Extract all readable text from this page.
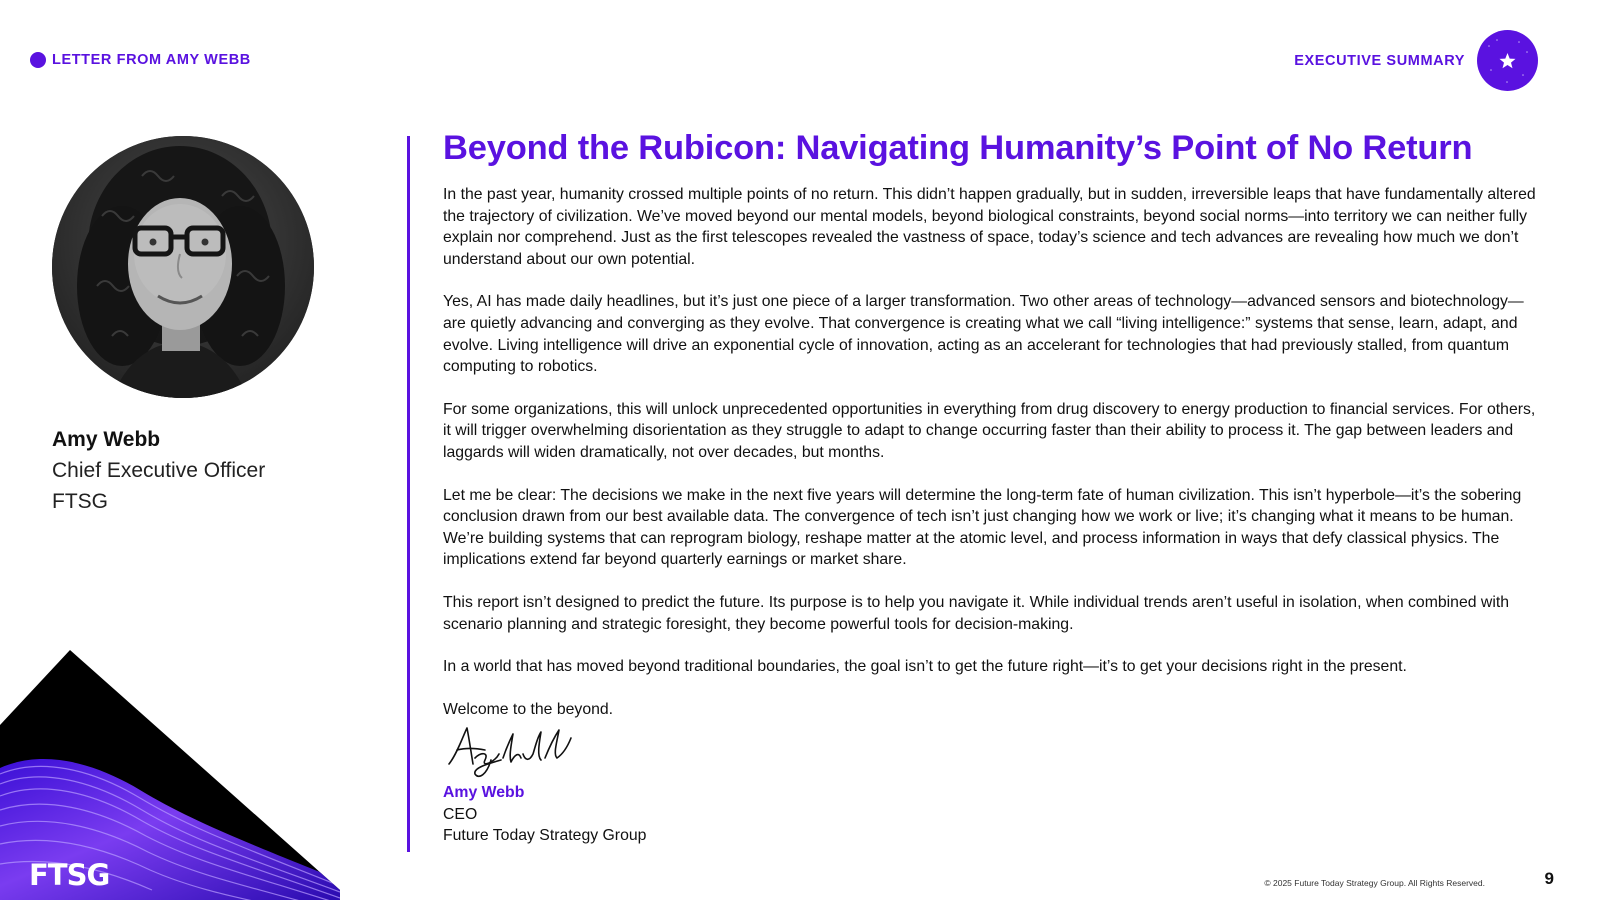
LETTER FROM AMY WEBB	EXECUTIVE SUMMARY
Amy Webb
Chief Executive Officer
FTSG
Beyond the Rubicon: Navigating Humanity’s Point of No Return

In the past year, humanity crossed multiple points of no return. This didn’t happen gradually, but in sudden, irreversible leaps that have fundamentally altered the trajectory of civilization. We’ve moved beyond our mental models, beyond biological constraints, beyond social norms—into territory we can neither fully explain nor comprehend. Just as the first telescopes revealed the vastness of space, today’s science and tech advances are revealing how much we don’t understand about our own potential.

Yes, AI has made daily headlines, but it’s just one piece of a larger transformation. Two other areas of technology—advanced sensors and biotechnology—are quietly advancing and converging as they evolve. That convergence is creating what we call “living intelligence:” systems that sense, learn, adapt, and evolve. Living intelligence will drive an exponential cycle of innovation, acting as an accelerant for technologies that had previously stalled, from quantum computing to robotics.

For some organizations, this will unlock unprecedented opportunities in everything from drug discovery to energy production to financial services. For others, it will trigger overwhelming disorientation as they struggle to adapt to change occurring faster than their ability to process it. The gap between leaders and laggards will widen dramatically, not over decades, but months.

Let me be clear: The decisions we make in the next five years will determine the long-term fate of human civilization. This isn’t hyperbole—it’s the sobering conclusion drawn from our best available data. The convergence of tech isn’t just changing how we work or live; it’s changing what it means to be human. We’re building systems that can reprogram biology, reshape matter at the atomic level, and process information in ways that defy classical physics. The implications extend far beyond quarterly earnings or market share.

This report isn’t designed to predict the future. Its purpose is to help you navigate it. While individual trends aren’t useful in isolation, when combined with scenario planning and strategic foresight, they become powerful tools for decision-making.

In a world that has moved beyond traditional boundaries, the goal isn’t to get the future right—it’s to get your decisions right in the present.

Welcome to the beyond.

Amy Webb
CEO
Future Today Strategy Group
FTSG	© 2025 Future Today Strategy Group. All Rights Reserved.	9
